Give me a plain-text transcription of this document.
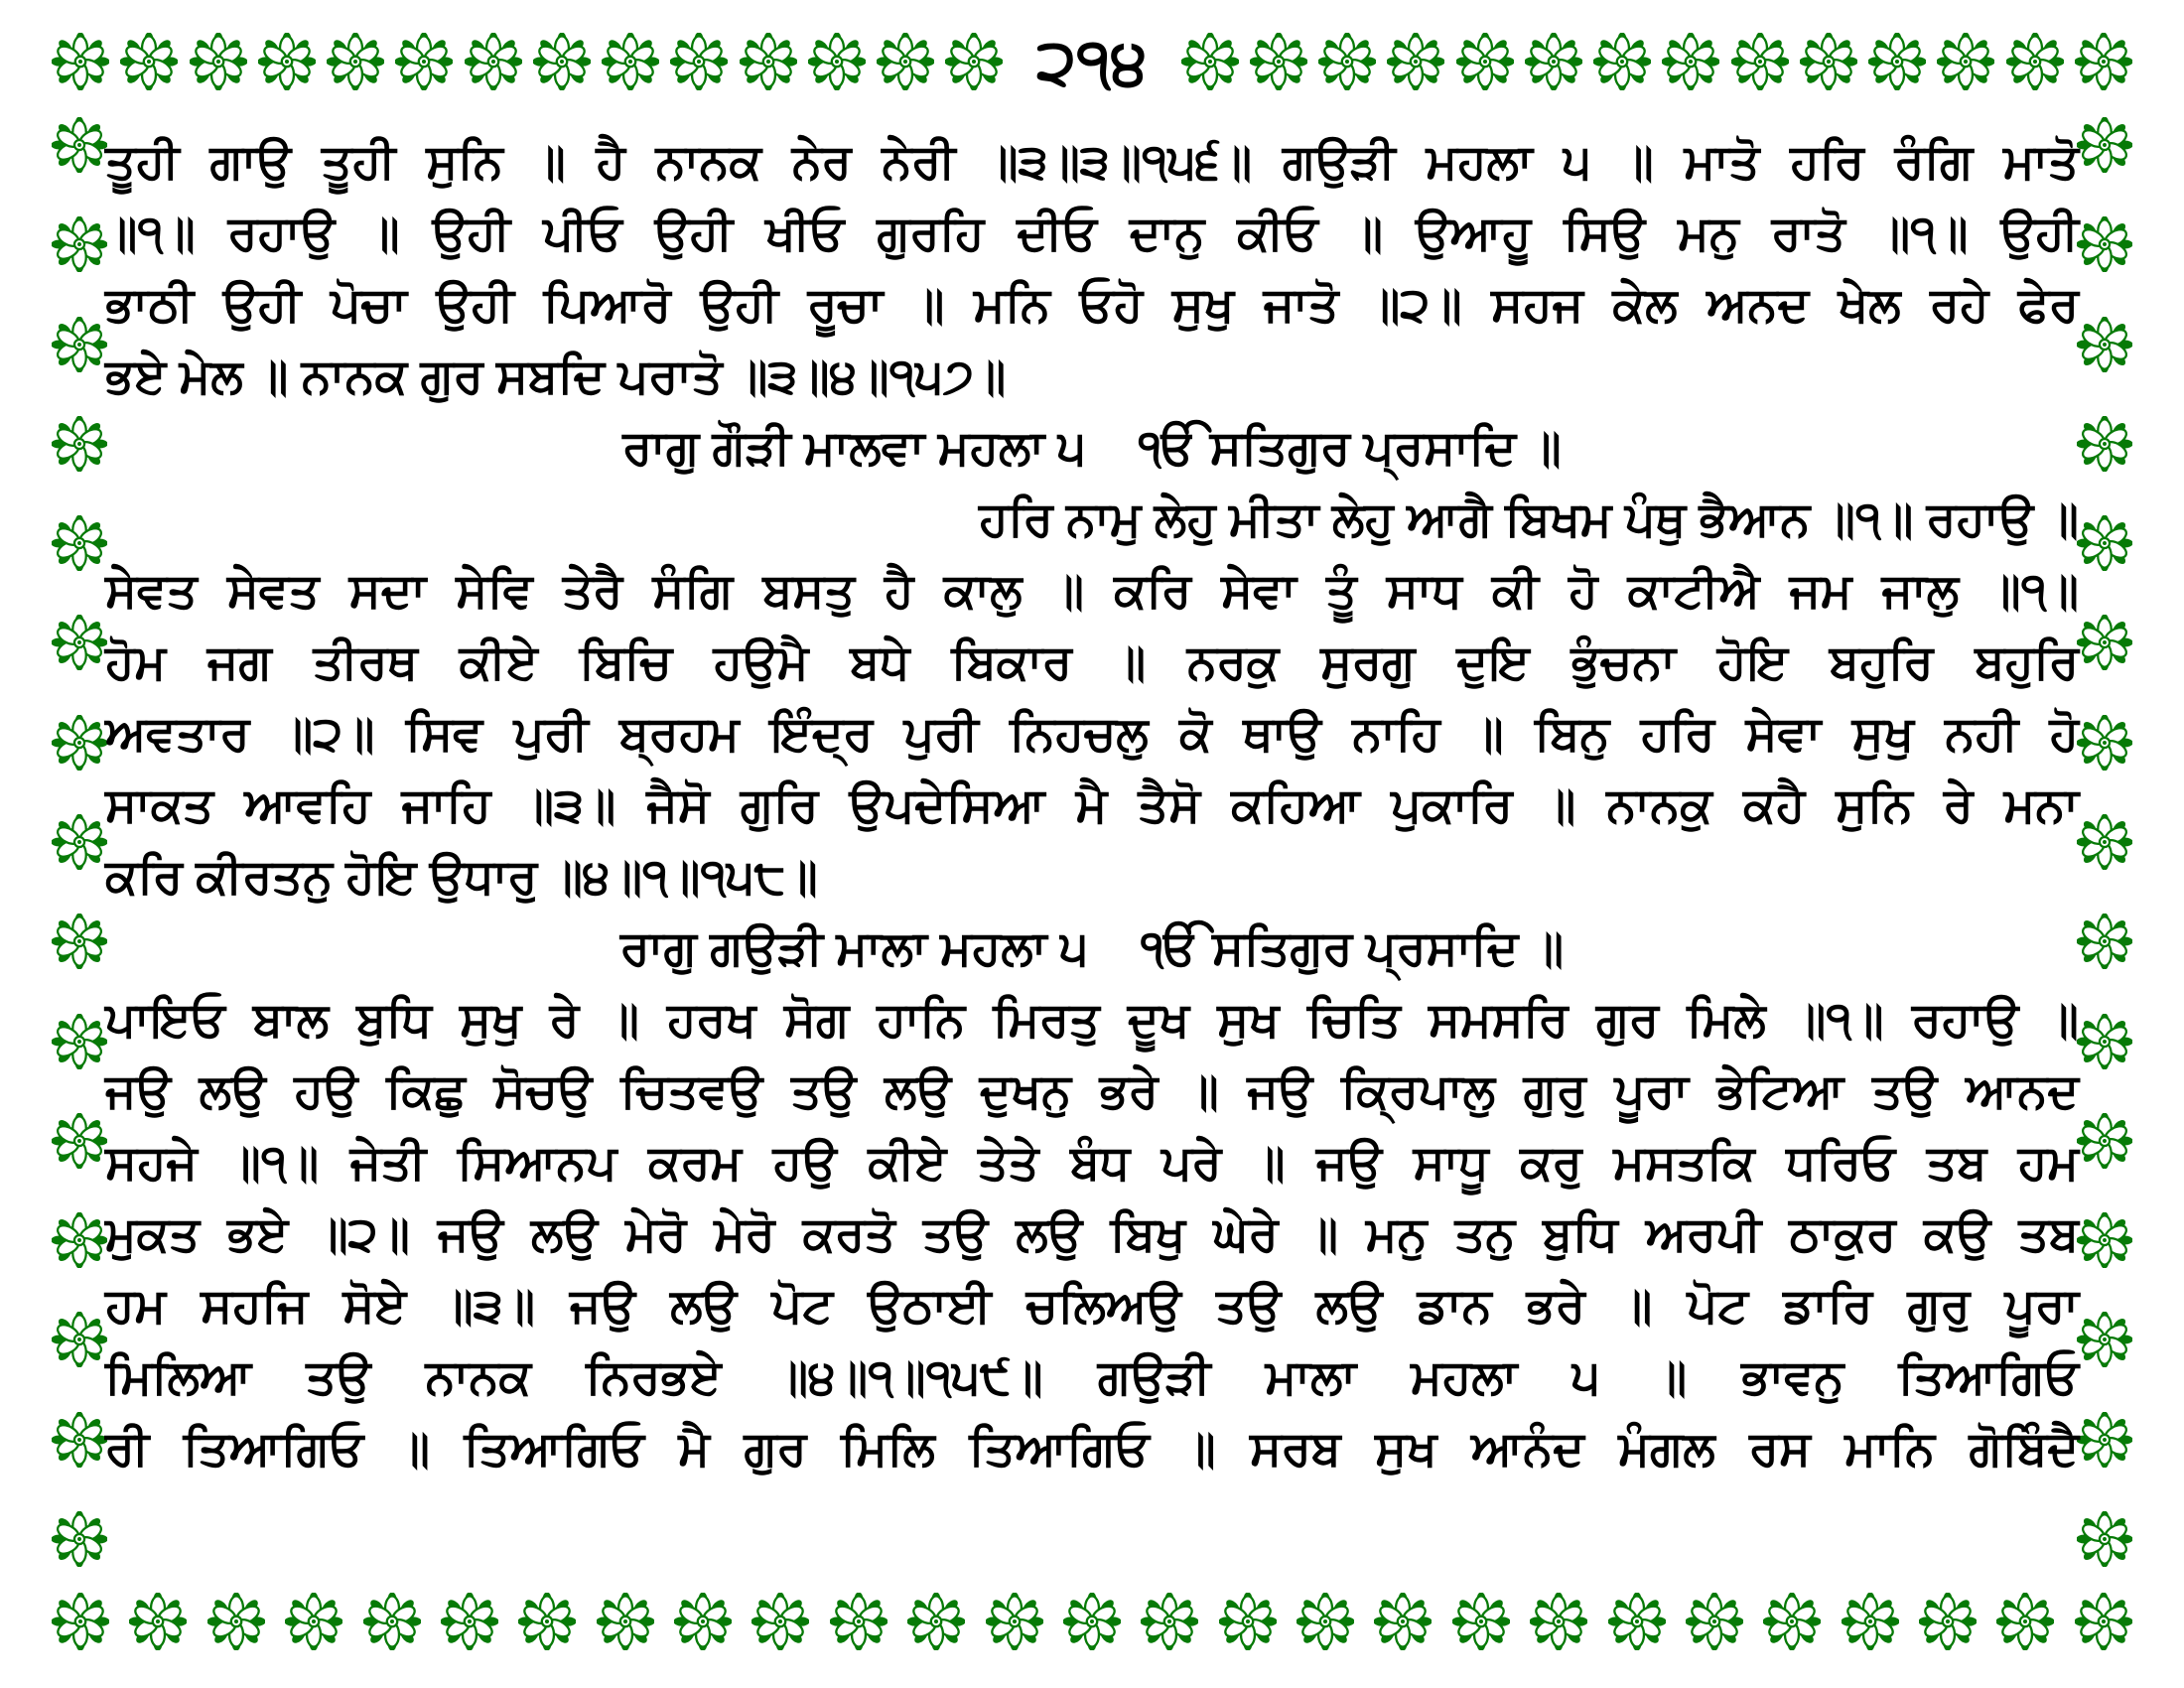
੨੧੪
ਤੂਹੀ ਗਾਉ ਤੂਹੀ ਸੁਨਿ ॥ ਹੈ ਨਾਨਕ ਨੇਰ ਨੇਰੀ ॥੩॥੩॥੧੫੬॥ ਗਉੜੀ ਮਹਲਾ ੫ ॥ ਮਾਤੋ ਹਰਿ ਰੰਗਿ ਮਾਤੋ
॥੧॥ ਰਹਾਉ ॥ ਉਹੀ ਪੀਓ ਉਹੀ ਖੀਓ ਗੁਰਹਿ ਦੀਓ ਦਾਨੁ ਕੀਓ ॥ ਉਆਹੂ ਸਿਉ ਮਨੁ ਰਾਤੋ ॥੧॥ ਉਹੀ
ਭਾਠੀ ਉਹੀ ਪੋਚਾ ਉਹੀ ਪਿਆਰੋ ਉਹੀ ਰੂਚਾ ॥ ਮਨਿ ਓਹੋ ਸੁਖੁ ਜਾਤੋ ॥੨॥ ਸਹਜ ਕੇਲ ਅਨਦ ਖੇਲ ਰਹੇ ਫੇਰ
ਭਏ ਮੇਲ ॥ ਨਾਨਕ ਗੁਰ ਸਬਦਿ ਪਰਾਤੋ ॥੩॥੪॥੧੫੭॥
ਰਾਗੁ ਗੌੜੀ ਮਾਲਵਾ ਮਹਲਾ ੫    ੴ ਸਤਿਗੁਰ ਪ੍ਰਸਾਦਿ ॥
ਹਰਿ ਨਾਮੁ ਲੇਹੁ ਮੀਤਾ ਲੇਹੁ ਆਗੈ ਬਿਖਮ ਪੰਥੁ ਭੈਆਨ ॥੧॥ ਰਹਾਉ ॥
ਸੇਵਤ ਸੇਵਤ ਸਦਾ ਸੇਵਿ ਤੇਰੈ ਸੰਗਿ ਬਸਤੁ ਹੈ ਕਾਲੁ ॥ ਕਰਿ ਸੇਵਾ ਤੂੰ ਸਾਧ ਕੀ ਹੋ ਕਾਟੀਐ ਜਮ ਜਾਲੁ ॥੧॥
ਹੋਮ ਜਗ ਤੀਰਥ ਕੀਏ ਬਿਚਿ ਹਉਮੈ ਬਧੇ ਬਿਕਾਰ ॥ ਨਰਕੁ ਸੁਰਗੁ ਦੁਇ ਭੁੰਚਨਾ ਹੋਇ ਬਹੁਰਿ ਬਹੁਰਿ
ਅਵਤਾਰ ॥੨॥ ਸਿਵ ਪੁਰੀ ਬ੍ਰਹਮ ਇੰਦ੍ਰ ਪੁਰੀ ਨਿਹਚਲੁ ਕੋ ਥਾਉ ਨਾਹਿ ॥ ਬਿਨੁ ਹਰਿ ਸੇਵਾ ਸੁਖੁ ਨਹੀ ਹੋ
ਸਾਕਤ ਆਵਹਿ ਜਾਹਿ ॥੩॥ ਜੈਸੋ ਗੁਰਿ ਉਪਦੇਸਿਆ ਮੈ ਤੈਸੋ ਕਹਿਆ ਪੁਕਾਰਿ ॥ ਨਾਨਕੁ ਕਹੈ ਸੁਨਿ ਰੇ ਮਨਾ
ਕਰਿ ਕੀਰਤਨੁ ਹੋਇ ਉਧਾਰੁ ॥੪॥੧॥੧੫੮॥
ਰਾਗੁ ਗਉੜੀ ਮਾਲਾ ਮਹਲਾ ੫    ੴ ਸਤਿਗੁਰ ਪ੍ਰਸਾਦਿ ॥
ਪਾਇਓ ਬਾਲ ਬੁਧਿ ਸੁਖੁ ਰੇ ॥ ਹਰਖ ਸੋਗ ਹਾਨਿ ਮਿਰਤੁ ਦੂਖ ਸੁਖ ਚਿਤਿ ਸਮਸਰਿ ਗੁਰ ਮਿਲੇ ॥੧॥ ਰਹਾਉ ॥
ਜਉ ਲਉ ਹਉ ਕਿਛੁ ਸੋਚਉ ਚਿਤਵਉ ਤਉ ਲਉ ਦੁਖਨੁ ਭਰੇ ॥ ਜਉ ਕ੍ਰਿਪਾਲੁ ਗੁਰੁ ਪੂਰਾ ਭੇਟਿਆ ਤਉ ਆਨਦ
ਸਹਜੇ ॥੧॥ ਜੇਤੀ ਸਿਆਨਪ ਕਰਮ ਹਉ ਕੀਏ ਤੇਤੇ ਬੰਧ ਪਰੇ ॥ ਜਉ ਸਾਧੂ ਕਰੁ ਮਸਤਕਿ ਧਰਿਓ ਤਬ ਹਮ
ਮੁਕਤ ਭਏ ॥੨॥ ਜਉ ਲਉ ਮੇਰੋ ਮੇਰੋ ਕਰਤੋ ਤਉ ਲਉ ਬਿਖੁ ਘੇਰੇ ॥ ਮਨੁ ਤਨੁ ਬੁਧਿ ਅਰਪੀ ਠਾਕੁਰ ਕਉ ਤਬ
ਹਮ ਸਹਜਿ ਸੋਏ ॥੩॥ ਜਉ ਲਉ ਪੋਟ ਉਠਾਈ ਚਲਿਅਉ ਤਉ ਲਉ ਡਾਨ ਭਰੇ ॥ ਪੋਟ ਡਾਰਿ ਗੁਰੁ ਪੂਰਾ
ਮਿਲਿਆ ਤਉ ਨਾਨਕ ਨਿਰਭਏ ॥੪॥੧॥੧੫੯॥ ਗਉੜੀ ਮਾਲਾ ਮਹਲਾ ੫ ॥ ਭਾਵਨੁ ਤਿਆਗਿਓ
ਰੀ ਤਿਆਗਿਓ ॥ ਤਿਆਗਿਓ ਮੈ ਗੁਰ ਮਿਲਿ ਤਿਆਗਿਓ ॥ ਸਰਬ ਸੁਖ ਆਨੰਦ ਮੰਗਲ ਰਸ ਮਾਨਿ ਗੋਬਿੰਦੈ
